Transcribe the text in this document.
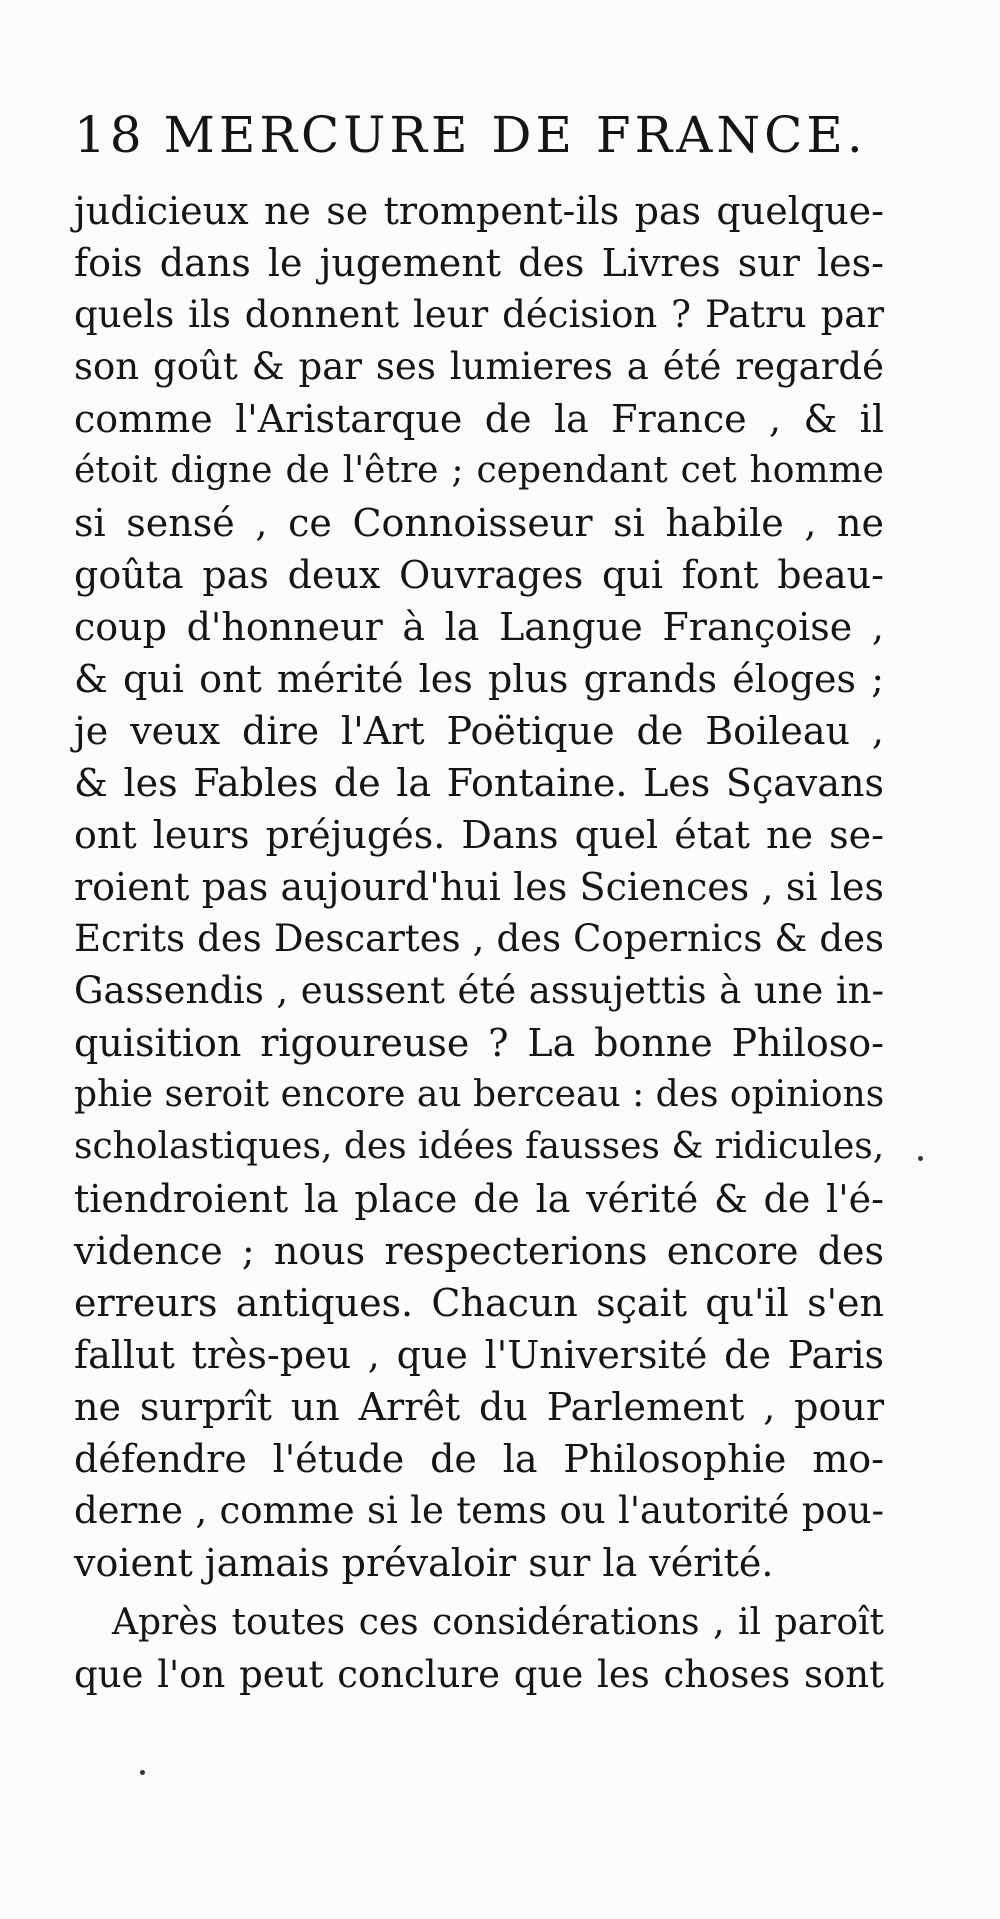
18 MERCURE DE FRANCE.
judicieux ne se trompent-ils pas quelque-
fois dans le jugement des Livres sur les-
quels ils donnent leur décision ? Patru par
son goût & par ses lumieres a été regardé
comme l'Aristarque de la France , & il
étoit digne de l'être ; cependant cet homme
si sensé , ce Connoisseur si habile , ne
goûta pas deux Ouvrages qui font beau-
coup d'honneur à la Langue Françoise ,
& qui ont mérité les plus grands éloges ;
je veux dire l'Art Poëtique de Boileau ,
& les Fables de la Fontaine. Les Sçavans
ont leurs préjugés. Dans quel état ne se-
roient pas aujourd'hui les Sciences , si les
Ecrits des Descartes , des Copernics & des
Gassendis , eussent été assujettis à une in-
quisition rigoureuse ? La bonne Philoso-
phie seroit encore au berceau : des opinions
scholastiques, des idées fausses & ridicules,
tiendroient la place de la vérité & de l'é-
vidence ; nous respecterions encore des
erreurs antiques. Chacun sçait qu'il s'en
fallut très-peu , que l'Université de Paris
ne surprît un Arrêt du Parlement , pour
défendre l'étude de la Philosophie mo-
derne , comme si le tems ou l'autorité pou-
voient jamais prévaloir sur la vérité.
Après toutes ces considérations , il paroît
que l'on peut conclure que les choses sont
